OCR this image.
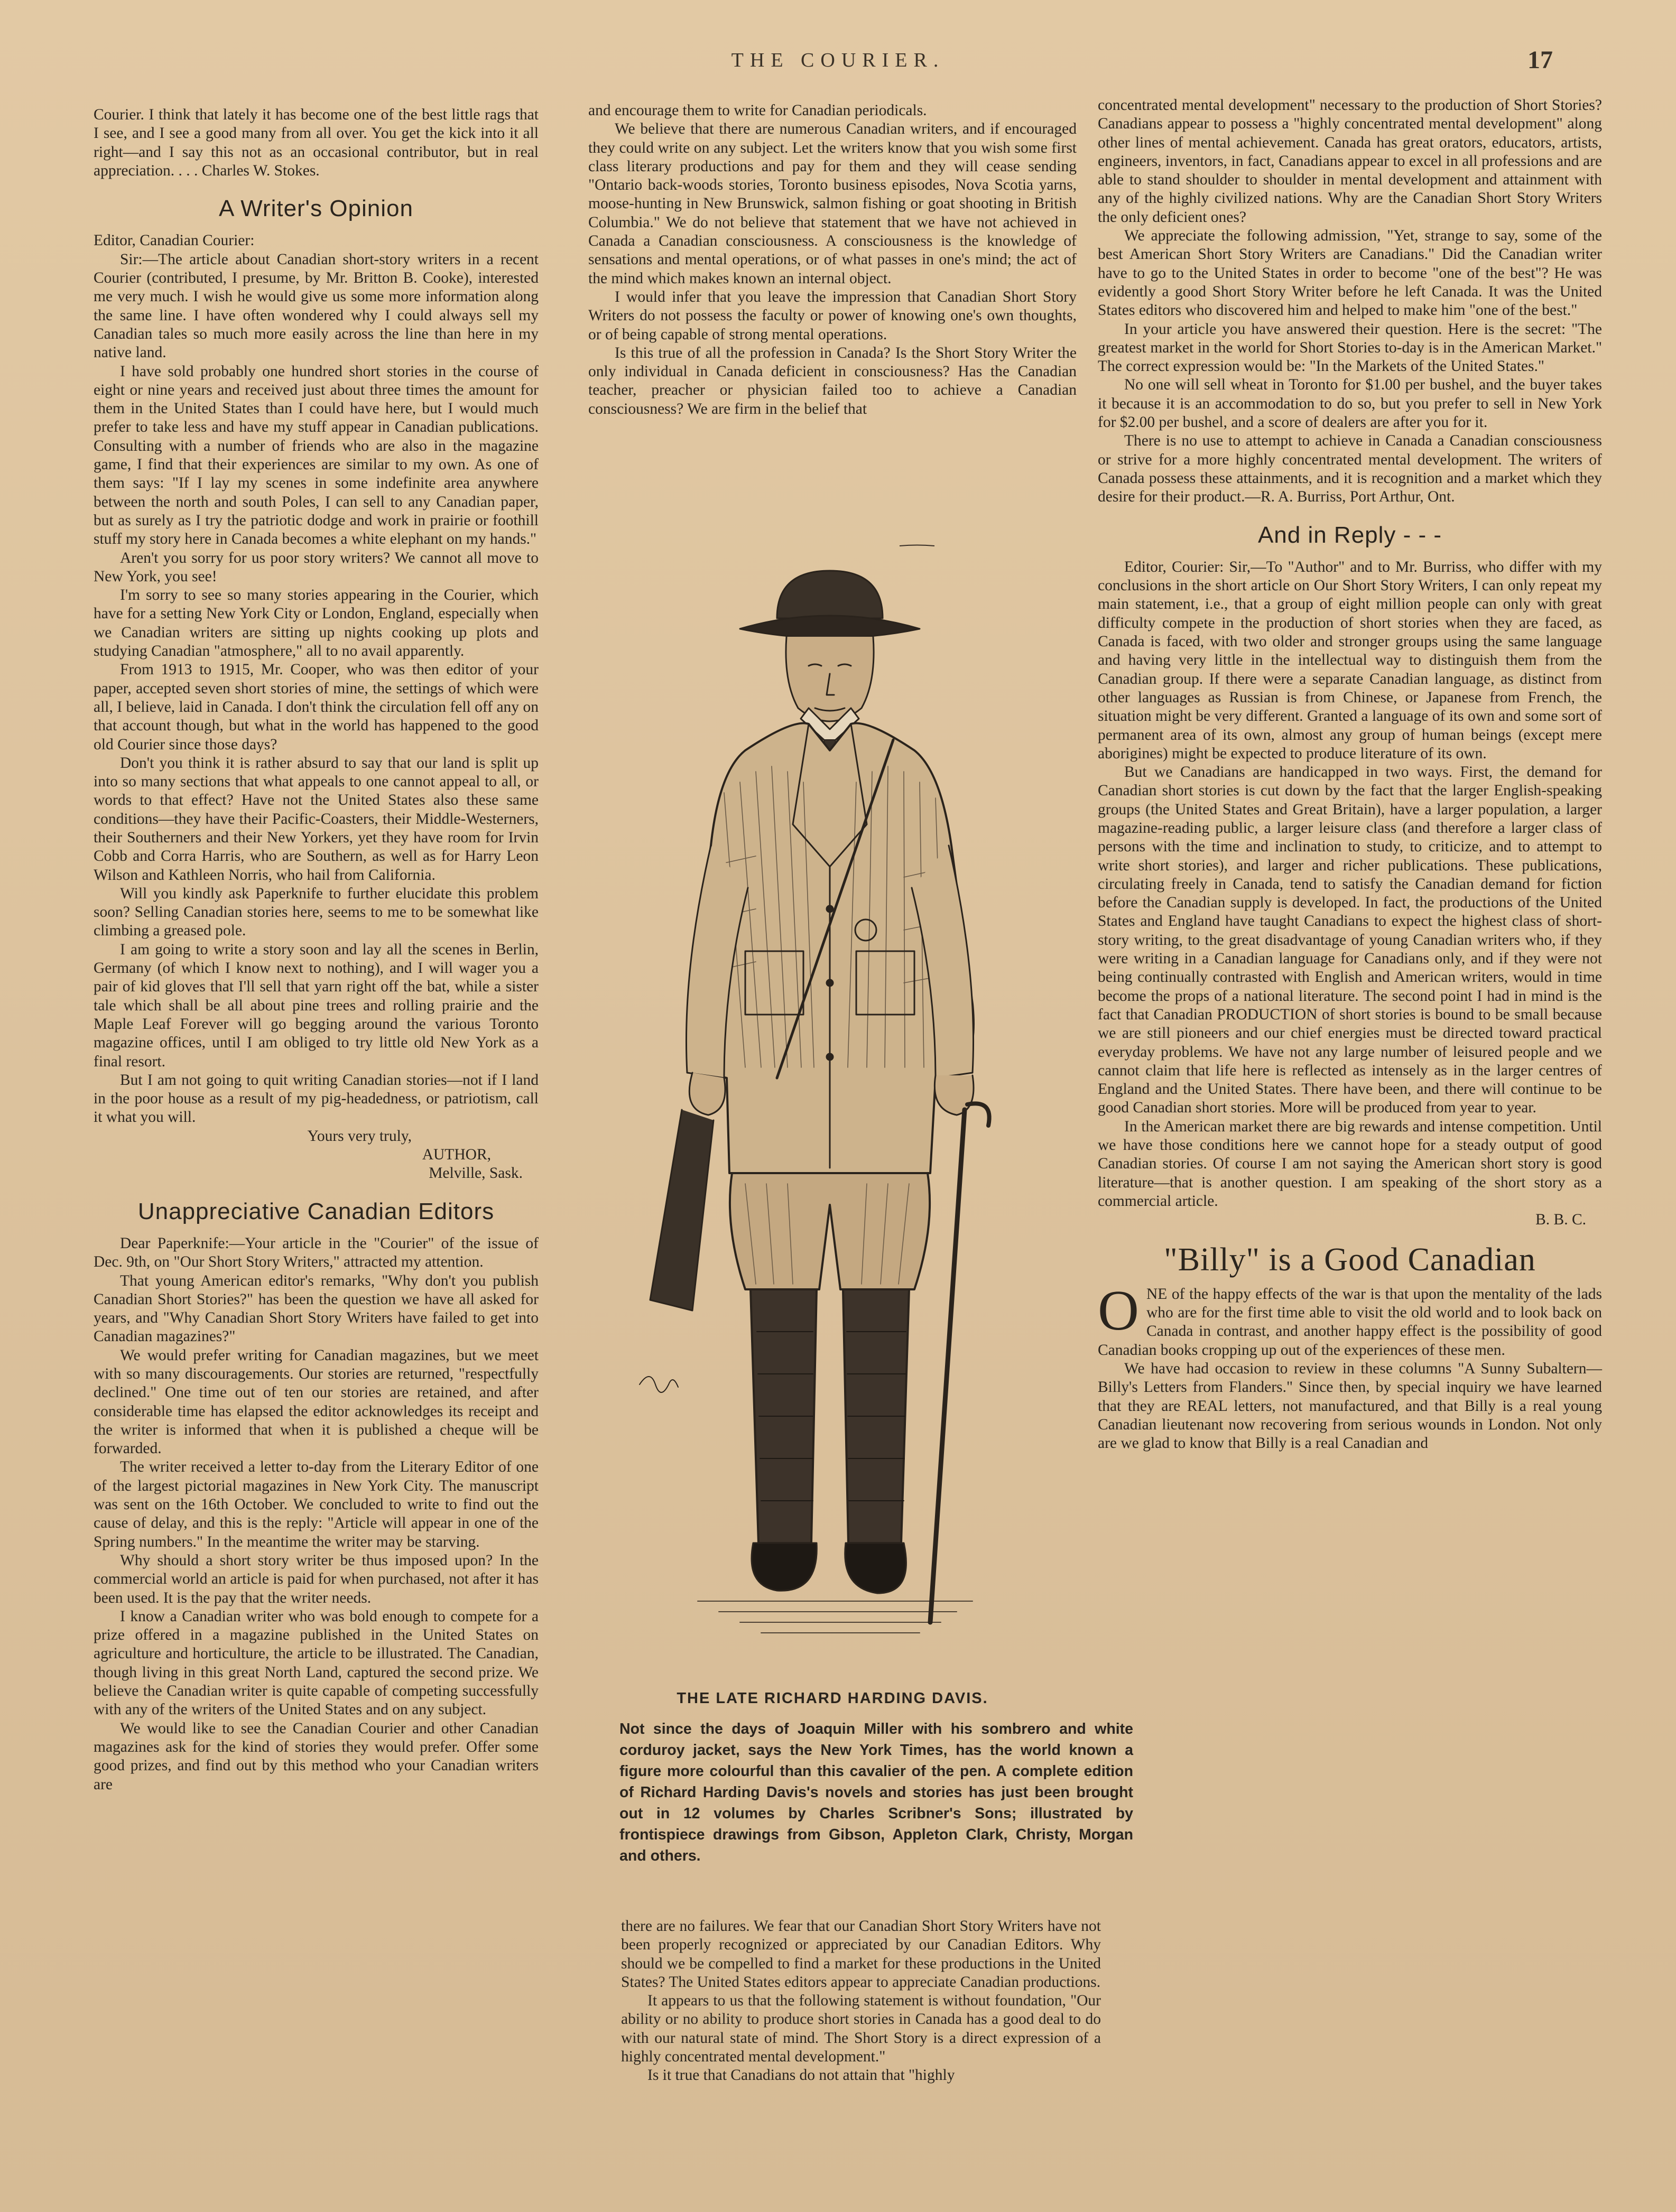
THE COURIER.	17

Courier. I think that lately it has become one of the best little rags that I see, and I see a good many from all over. You get the kick into it all right—and I say this not as an occasional contributor, but in real appreciation. . . . Charles W. Stokes.

A Writer's Opinion

Editor, Canadian Courier:

Sir:—The article about Canadian short-story writers in a recent Courier (contributed, I presume, by Mr. Britton B. Cooke), interested me very much. I wish he would give us some more information along the same line. I have often wondered why I could always sell my Canadian tales so much more easily across the line than here in my native land.

I have sold probably one hundred short stories in the course of eight or nine years and received just about three times the amount for them in the United States than I could have here, but I would much prefer to take less and have my stuff appear in Canadian publications. Consulting with a number of friends who are also in the magazine game, I find that their experiences are similar to my own. As one of them says: "If I lay my scenes in some indefinite area anywhere between the north and south Poles, I can sell to any Canadian paper, but as surely as I try the patriotic dodge and work in prairie or foothill stuff my story here in Canada becomes a white elephant on my hands."

Aren't you sorry for us poor story writers? We cannot all move to New York, you see!

I'm sorry to see so many stories appearing in the Courier, which have for a setting New York City or London, England, especially when we Canadian writers are sitting up nights cooking up plots and studying Canadian "atmosphere," all to no avail apparently.

From 1913 to 1915, Mr. Cooper, who was then editor of your paper, accepted seven short stories of mine, the settings of which were all, I believe, laid in Canada. I don't think the circulation fell off any on that account though, but what in the world has happened to the good old Courier since those days?

Don't you think it is rather absurd to say that our land is split up into so many sections that what appeals to one cannot appeal to all, or words to that effect? Have not the United States also these same conditions—they have their Pacific-Coasters, their Middle-Westerners, their Southerners and their New Yorkers, yet they have room for Irvin Cobb and Corra Harris, who are Southern, as well as for Harry Leon Wilson and Kathleen Norris, who hail from California.

Will you kindly ask Paperknife to further elucidate this problem soon? Selling Canadian stories here, seems to me to be somewhat like climbing a greased pole.

I am going to write a story soon and lay all the scenes in Berlin, Germany (of which I know next to nothing), and I will wager you a pair of kid gloves that I'll sell that yarn right off the bat, while a sister tale which shall be all about pine trees and rolling prairie and the Maple Leaf Forever will go begging around the various Toronto magazine offices, until I am obliged to try little old New York as a final resort.

But I am not going to quit writing Canadian stories—not if I land in the poor house as a result of my pig-headedness, or patriotism, call it what you will.

Yours very truly,

AUTHOR,

Melville, Sask.

Unappreciative Canadian Editors

Dear Paperknife:—Your article in the "Courier" of the issue of Dec. 9th, on "Our Short Story Writers," attracted my attention.

That young American editor's remarks, "Why don't you publish Canadian Short Stories?" has been the question we have all asked for years, and "Why Canadian Short Story Writers have failed to get into Canadian magazines?"

We would prefer writing for Canadian magazines, but we meet with so many discouragements. Our stories are returned, "respectfully declined." One time out of ten our stories are retained, and after considerable time has elapsed the editor acknowledges its receipt and the writer is informed that when it is published a cheque will be forwarded.

The writer received a letter to-day from the Literary Editor of one of the largest pictorial magazines in New York City. The manuscript was sent on the 16th October. We concluded to write to find out the cause of delay, and this is the reply: "Article will appear in one of the Spring numbers." In the meantime the writer may be starving.

Why should a short story writer be thus imposed upon? In the commercial world an article is paid for when purchased, not after it has been used. It is the pay that the writer needs.

I know a Canadian writer who was bold enough to compete for a prize offered in a magazine published in the United States on agriculture and horticulture, the article to be illustrated. The Canadian, though living in this great North Land, captured the second prize. We believe the Canadian writer is quite capable of competing successfully with any of the writers of the United States and on any subject.

We would like to see the Canadian Courier and other Canadian magazines ask for the kind of stories they would prefer. Offer some good prizes, and find out by this method who your Canadian writers are

and encourage them to write for Canadian periodicals.

We believe that there are numerous Canadian writers, and if encouraged they could write on any subject. Let the writers know that you wish some first class literary productions and pay for them and they will cease sending "Ontario back-woods stories, Toronto business episodes, Nova Scotia yarns, moose-hunting in New Brunswick, salmon fishing or goat shooting in British Columbia." We do not believe that statement that we have not achieved in Canada a Canadian consciousness. A consciousness is the knowledge of sensations and mental operations, or of what passes in one's mind; the act of the mind which makes known an internal object.

I would infer that you leave the impression that Canadian Short Story Writers do not possess the faculty or power of knowing one's own thoughts, or of being capable of strong mental operations.

Is this true of all the profession in Canada? Is the Short Story Writer the only individual in Canada deficient in consciousness? Has the Canadian teacher, preacher or physician failed too to achieve a Canadian consciousness? We are firm in the belief that

THE LATE RICHARD HARDING DAVIS.
Not since the days of Joaquin Miller with his sombrero and white corduroy jacket, says the New York Times, has the world known a figure more colourful than this cavalier of the pen. A complete edition of Richard Harding Davis's novels and stories has just been brought out in 12 volumes by Charles Scribner's Sons; illustrated by frontispiece drawings from Gibson, Appleton Clark, Christy, Morgan and others.

there are no failures. We fear that our Canadian Short Story Writers have not been properly recognized or appreciated by our Canadian Editors. Why should we be compelled to find a market for these productions in the United States? The United States editors appear to appreciate Canadian productions.

It appears to us that the following statement is without foundation, "Our ability or no ability to produce short stories in Canada has a good deal to do with our natural state of mind. The Short Story is a direct expression of a highly concentrated mental development."

Is it true that Canadians do not attain that "highly

concentrated mental development" necessary to the production of Short Stories? Canadians appear to possess a "highly concentrated mental development" along other lines of mental achievement. Canada has great orators, educators, artists, engineers, inventors, in fact, Canadians appear to excel in all professions and are able to stand shoulder to shoulder in mental development and attainment with any of the highly civilized nations. Why are the Canadian Short Story Writers the only deficient ones?

We appreciate the following admission, "Yet, strange to say, some of the best American Short Story Writers are Canadians." Did the Canadian writer have to go to the United States in order to become "one of the best"? He was evidently a good Short Story Writer before he left Canada. It was the United States editors who discovered him and helped to make him "one of the best."

In your article you have answered their question. Here is the secret: "The greatest market in the world for Short Stories to-day is in the American Market." The correct expression would be: "In the Markets of the United States."

No one will sell wheat in Toronto for $1.00 per bushel, and the buyer takes it because it is an accommodation to do so, but you prefer to sell in New York for $2.00 per bushel, and a score of dealers are after you for it.

There is no use to attempt to achieve in Canada a Canadian consciousness or strive for a more highly concentrated mental development. The writers of Canada possess these attainments, and it is recognition and a market which they desire for their product.—R. A. Burriss, Port Arthur, Ont.

And in Reply - - -

Editor, Courier: Sir,—To "Author" and to Mr. Burriss, who differ with my conclusions in the short article on Our Short Story Writers, I can only repeat my main statement, i.e., that a group of eight million people can only with great difficulty compete in the production of short stories when they are faced, as Canada is faced, with two older and stronger groups using the same language and having very little in the intellectual way to distinguish them from the Canadian group. If there were a separate Canadian language, as distinct from other languages as Russian is from Chinese, or Japanese from French, the situation might be very different. Granted a language of its own and some sort of permanent area of its own, almost any group of human beings (except mere aborigines) might be expected to produce literature of its own.

But we Canadians are handicapped in two ways. First, the demand for Canadian short stories is cut down by the fact that the larger English-speaking groups (the United States and Great Britain), have a larger population, a larger magazine-reading public, a larger leisure class (and therefore a larger class of persons with the time and inclination to study, to criticize, and to attempt to write short stories), and larger and richer publications. These publications, circulating freely in Canada, tend to satisfy the Canadian demand for fiction before the Canadian supply is developed. In fact, the productions of the United States and England have taught Canadians to expect the highest class of short-story writing, to the great disadvantage of young Canadian writers who, if they were writing in a Canadian language for Canadians only, and if they were not being continually contrasted with English and American writers, would in time become the props of a national literature. The second point I had in mind is the fact that Canadian PRODUCTION of short stories is bound to be small because we are still pioneers and our chief energies must be directed toward practical everyday problems. We have not any large number of leisured people and we cannot claim that life here is reflected as intensely as in the larger centres of England and the United States. There have been, and there will continue to be good Canadian short stories. More will be produced from year to year.

In the American market there are big rewards and intense competition. Until we have those conditions here we cannot hope for a steady output of good Canadian stories. Of course I am not saying the American short story is good literature—that is another question. I am speaking of the short story as a commercial article.

B. B. C.

"Billy" is a Good Canadian

ONE of the happy effects of the war is that upon the mentality of the lads who are for the first time able to visit the old world and to look back on Canada in contrast, and another happy effect is the possibility of good Canadian books cropping up out of the experiences of these men.

We have had occasion to review in these columns "A Sunny Subaltern—Billy's Letters from Flanders." Since then, by special inquiry we have learned that they are REAL letters, not manufactured, and that Billy is a real young Canadian lieutenant now recovering from serious wounds in London. Not only are we glad to know that Billy is a real Canadian and
